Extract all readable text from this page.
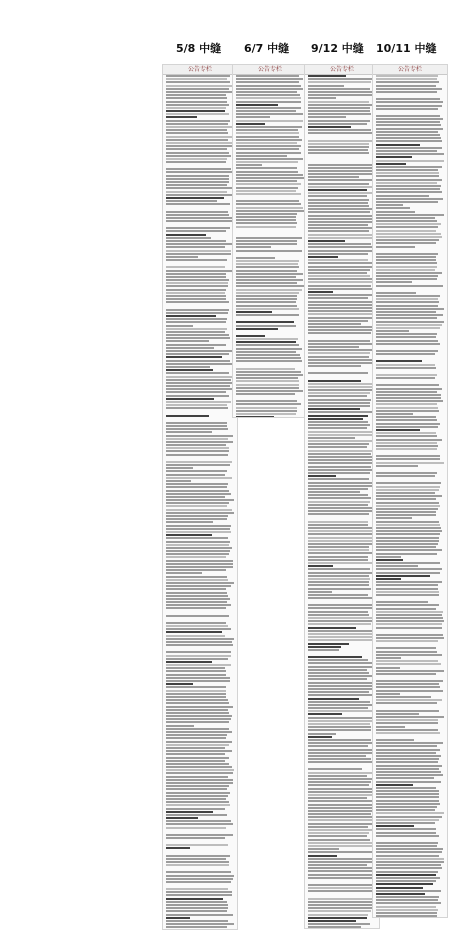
5/8 中缝 6/7 中缝 9/12 中缝 10/11 中缝
公告专栏	公告专栏	公告专栏	公告专栏
